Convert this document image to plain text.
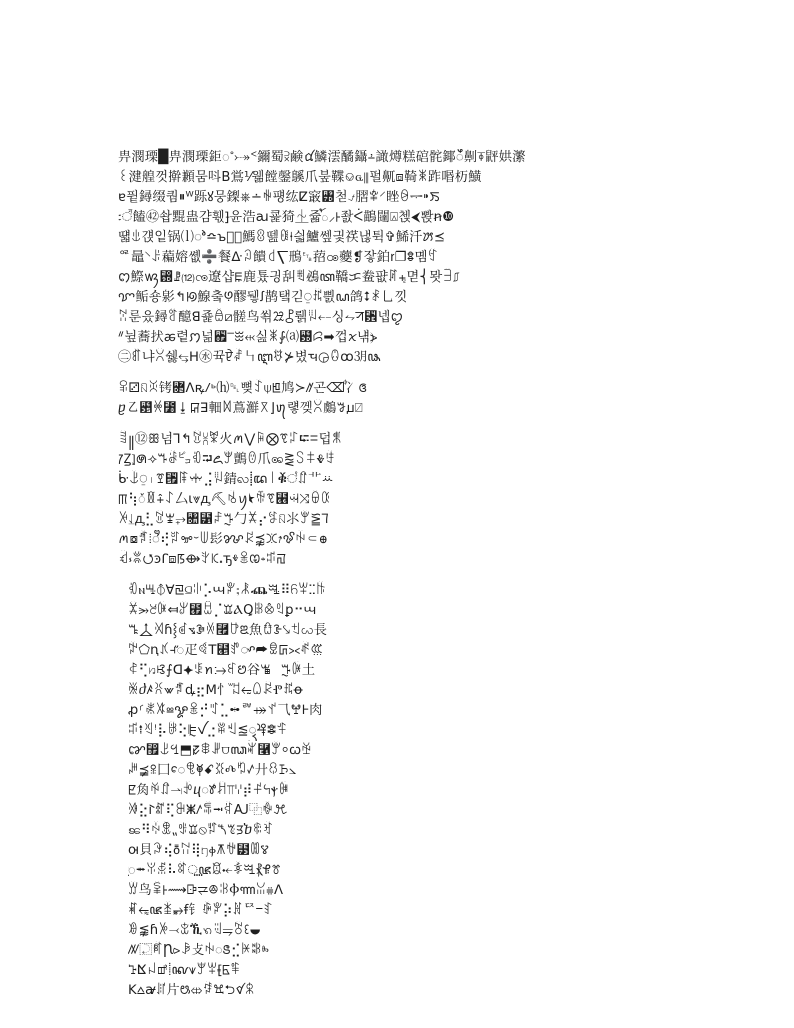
畁潣瑮█畁潣瑮鉅꥓⤐ᑉ鑈蜀⫂鹸ꪠ鱗澐䤎鑷⨩譀燇糕䃔䯔鎁ꯩ劓⍕䶄娂瀿
꒰湕艎껏擀䫡뭄呌B鴬⅟웲饄鏧䳶⽖붚鞢⎉ꮹ⦀펄鼿⧈䩭ꉛ䟭㗃杤鱑
ɐ퓥鐞缀퀌⏸ᵂ跞ꙋ뭉鏫⎈∸ꏀ퍵纮ⵇ䆻꥽첟⍻䐲ꌀ⸍睉ꆩᆕ⁍ꯏ
꧇꣭饁㊷솹䵪蛊걈훿⹖윤浩ꜷ쿑猗⏈쥷ꪳ⸝ꡲ좘ᐹ鶓闥⍓첹⮜뽡ꞥ❿
떏ꍓ걙잍锅⒧ꯣ≏ꙏ鑽ᷝ鰢ꐪ뗊ꍆ⍿싋鱸쎞긫䄏낺튁✞鯑汘ꢓ⪯
ꥶ鼂⸌ꌠ藊嫆쏎➗餐ᐏꇜ饋꒯⎲鳽␗萔ꧼ蘷❡잫鉑ꭇ❐ꗊ몜ꉏ
ꩁ鰶ꪃ₝ꗗ⑿ꧫ遼샵ꡀ鹿툤긩舏ꍹ鴓ꦠ鞽ᜃ鲞퍖ꊲ⨧멷⎨뫗ꎅ⎎
ꨢ鲘숑㣐↰ꡟ鰁춬ꚩ醪뒣ꭍ鹊탴긷⍜ꍴ삀ꦝ鸽⭥ꑴ⺃낏
ꋗ룬읐鐞ꅟ醷ꓭ죭ꎁ⧄髊鸟쐮ꗠ⯛뤩ꂫ⤌싱⥊ꠞ␾넵ꨄ
ᐥ뉲蕎㧋ꬱ렽ꩀ넒꒏⎻ꖿ⬹싪ꉛ⨑⒜꘽ꗱ➡껍ꪎ냮⦔
㊁ꈰ냐ꇣ쉟⥃ꓧ㊌뀩ꠄꑂ㇞ꦆꉀ⊁볐ꚓ◶ꐋꝏ㋂ꦦ
ꅧ⚂ꤡꐘ铐꟒ᐱꝶⳆꚝ⒣␡뼞ꉗ⍦ꡁ鸠≻ꥀ곤⌫ꚞ⼎ꢏ
ⴒ㇠꘵ꏐ⳸⭳ꡒꓱ䡒ꉙ蔦㶍꓃⌋ꪨ럫껮ꇣ鸆ꗌꙡ⍁
ꊣ꧋⑫ꕥ넘ꓶ↰ꃒ⩈ꐗ⽕ꪔ⋁ꋦ⨂ꗦꇱ⮓ꘌ덥ꐩ
ꡱꙀ⦎ꢍ⟢ꔒꂠ㌰ꂇ⮒꧖ꂕ鸇ꇎ⽖ꩩ⪐꒚ꁼⰇꄛ
ᒁꅣ⍜꤯ꗑ⑟ꁹꗼ⣨ꂫ錆ꩮ⸽ꦢ꒐ⷁ꣩ꆴ⻀ꕁ
ꡕ⢳ꥑꁙ⨣ꋍ⼛ꙇ⩔ꚉ⛏ꂙꪗ⯩ꏕꗦ⹦ꕜ⤨ꌶꄰ
ꅢ⥙ꚉ⣃ꃒꘆ⥅꧚⹱ꄏꔓ⼓ꁿ⡔ꉎꤡ⺢ꂕ⪠ꚨ
ꪔ⧇ꆵ⦙ꨫ⢞ꆍꗁ⹇ꅐ⾽ꨍꂰ⪹ꖼ⭎ꨃꑬ⸦ꚛ
ꃸ⳽ꇢ⭯ꜿꓩ⧈ꡑ⟴ꇬꗪ⸼ꚋⰷꐸꢊ⹈ꌪꡌ
ꂇⲛꖈ⦽ꓯꡙ⫑ꐈ⡡ꚇꐕ⨟ꂿⶸꗆ⠿꧵ꏬⵆꑚ
ꁾ⭃꧲ꏇ⤆ꌍ⹯ꤨꀟ⡈ꘑⲀꝖꍀ⨶ꆾꝑ⠒ꚇ
ꕏ⯦ꄉꚕ⸾ꂟ⦪ꘁꏾ⿯ꐴꢃ⿂ꃍꗿ⤥ꉬꩬ⻑
ꉡ⬠ꞑꃤ⫞ꥐ⽦ꈾꓔ⹥ꍚꨳ⮫ꁖꡚ⪥ꅱꘚ
ꈉ⢋ꤙꕙ⨍ꓷ⯌ꌐꪀ⧴ꉮꢘ⾕ꘊ⠀ꔓꏇ⼟
ꍐⴛꤴꐦ⩖ꆶꝱ⣖ꓟ⺖ꙻꅓ⥳ꑘꂯⰒꍵꝋ
ꝓ⸂ꌿꇦⳬꨋꐸ⡚ꆑ⣁ꖒꥫ⤀ꀈ⺄ꖡꚱ⾁
ꌪ⭫ꈖꜝ⡧ꋱ⢕ꕟꪜ⣐ꑔꄌ⪍ꦽ⯠ꗵꍋ
ꨐ⶿ꅤꔇ⬒ꡛ⳰ꈷꎼ⩌ꦓꊍ⿡ꂕ⸰ꞷꑫ
ꎎ⪵ꕉ⼞ꨯꁸ⯥ꗃꄥⰄꑲꥁ⼶ꈔꘙ⦣
ꡢ⻇ꑮꆴ⥓ꃁⴗꢹꎦ⫪ꗷ⡾ꄝꕪⲯꍱ
ꋆ⣕ꚹꐣ⢏ꅎⵥꤱꁃ⭲ꌛꜶ⿻ꐶꘪ
ꧣ⠻ꏡꂬ⹂ꍿꘑ⦸ꅯ⯲ꔳꡭⴆꋷꀓ
ꙕ⾙ꆡ⢮ꚢꊃ⢿ꤚⲫꕧꃮ⹳ꂊꢮ
ꥋ⭼ꐟꅇ⠧ꎠ⵿ꦗꏨ⤝ꅹꗅ⳩ꚪꔢ
ꑢ⻦ꈛꡲ⟿ꕒ⥩ꔮꋰⲪꦟꈍ⩷ꓥ
ꑪ⭊ꦗꁦ⥵ꞙ⻐ꄴꐕ⡵ꍩꥣⲻꆏ
ꇲ⪉ꚕꉼ⤙ꒃⷒꩫꂥ⥭ꍷꘓ⯋
ꤲ⿿ꈗꞂ⪧ꆃ⽁ꑭꢺ⣊ꏌꄀⰸ
ꕱⴿꈤꕡ⸽ꦑ⩛ꂖꏬ⹗ꡥꉵ
ꓗ⩟ꜻꄨ⽚ꢰ⤄ꆄꖐ⮌ꪥꍤ
